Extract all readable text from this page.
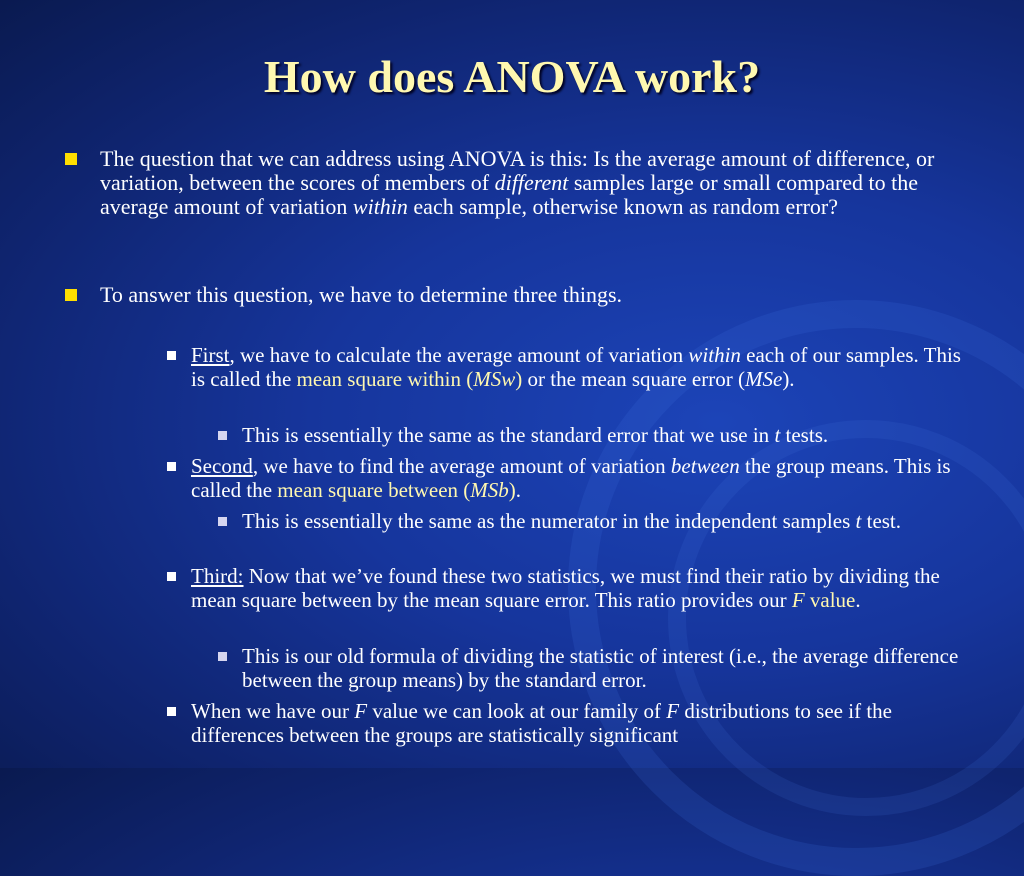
How does ANOVA work?
The question that we can address using ANOVA is this: Is the average amount of difference, or variation, between the scores of members of different samples large or small compared to the average amount of variation within each sample, otherwise known as random error?
To answer this question, we have to determine three things.
First, we have to calculate the average amount of variation within each of our samples. This is called the mean square within (MSw) or the mean square error (MSe).
This is essentially the same as the standard error that we use in t tests.
Second, we have to find the average amount of variation between the group means. This is called the mean square between (MSb).
This is essentially the same as the numerator in the independent samples t test.
Third: Now that we’ve found these two statistics, we must find their ratio by dividing the mean square between by the mean square error. This ratio provides our F value.
This is our old formula of dividing the statistic of interest (i.e., the average difference between the group means) by the standard error.
When we have our F value we can look at our family of F distributions to see if the differences between the groups are statistically significant
